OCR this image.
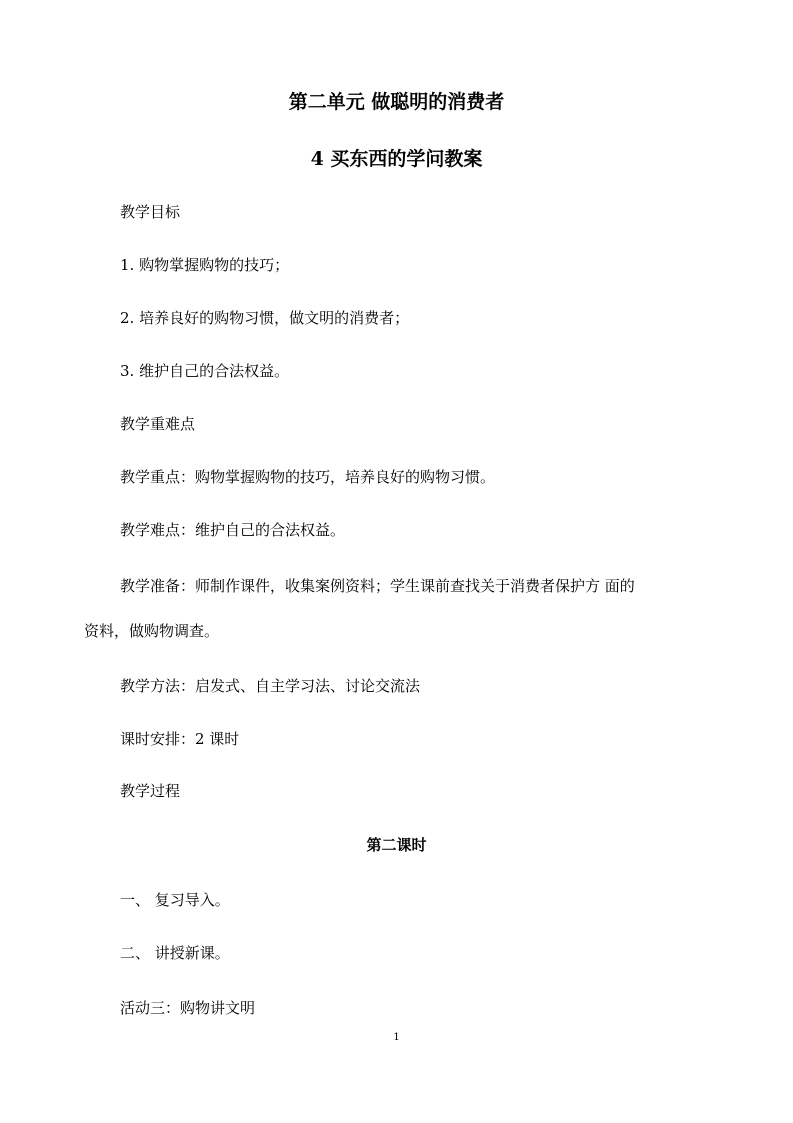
第二单元 做聪明的消费者
4 买东西的学问教案
教学目标
1. 购物掌握购物的技巧；
2. 培养良好的购物习惯，做文明的消费者；
3. 维护自己的合法权益。
教学重难点
教学重点：购物掌握购物的技巧，培养良好的购物习惯。
教学难点：维护自己的合法权益。
教学准备：师制作课件，收集案例资料；学生课前查找关于消费者保护方 面的
资料，做购物调查。
教学方法：启发式、自主学习法、讨论交流法
课时安排：2 课时
教学过程
第二课时
一、 复习导入。
二、 讲授新课。
活动三：购物讲文明
1
